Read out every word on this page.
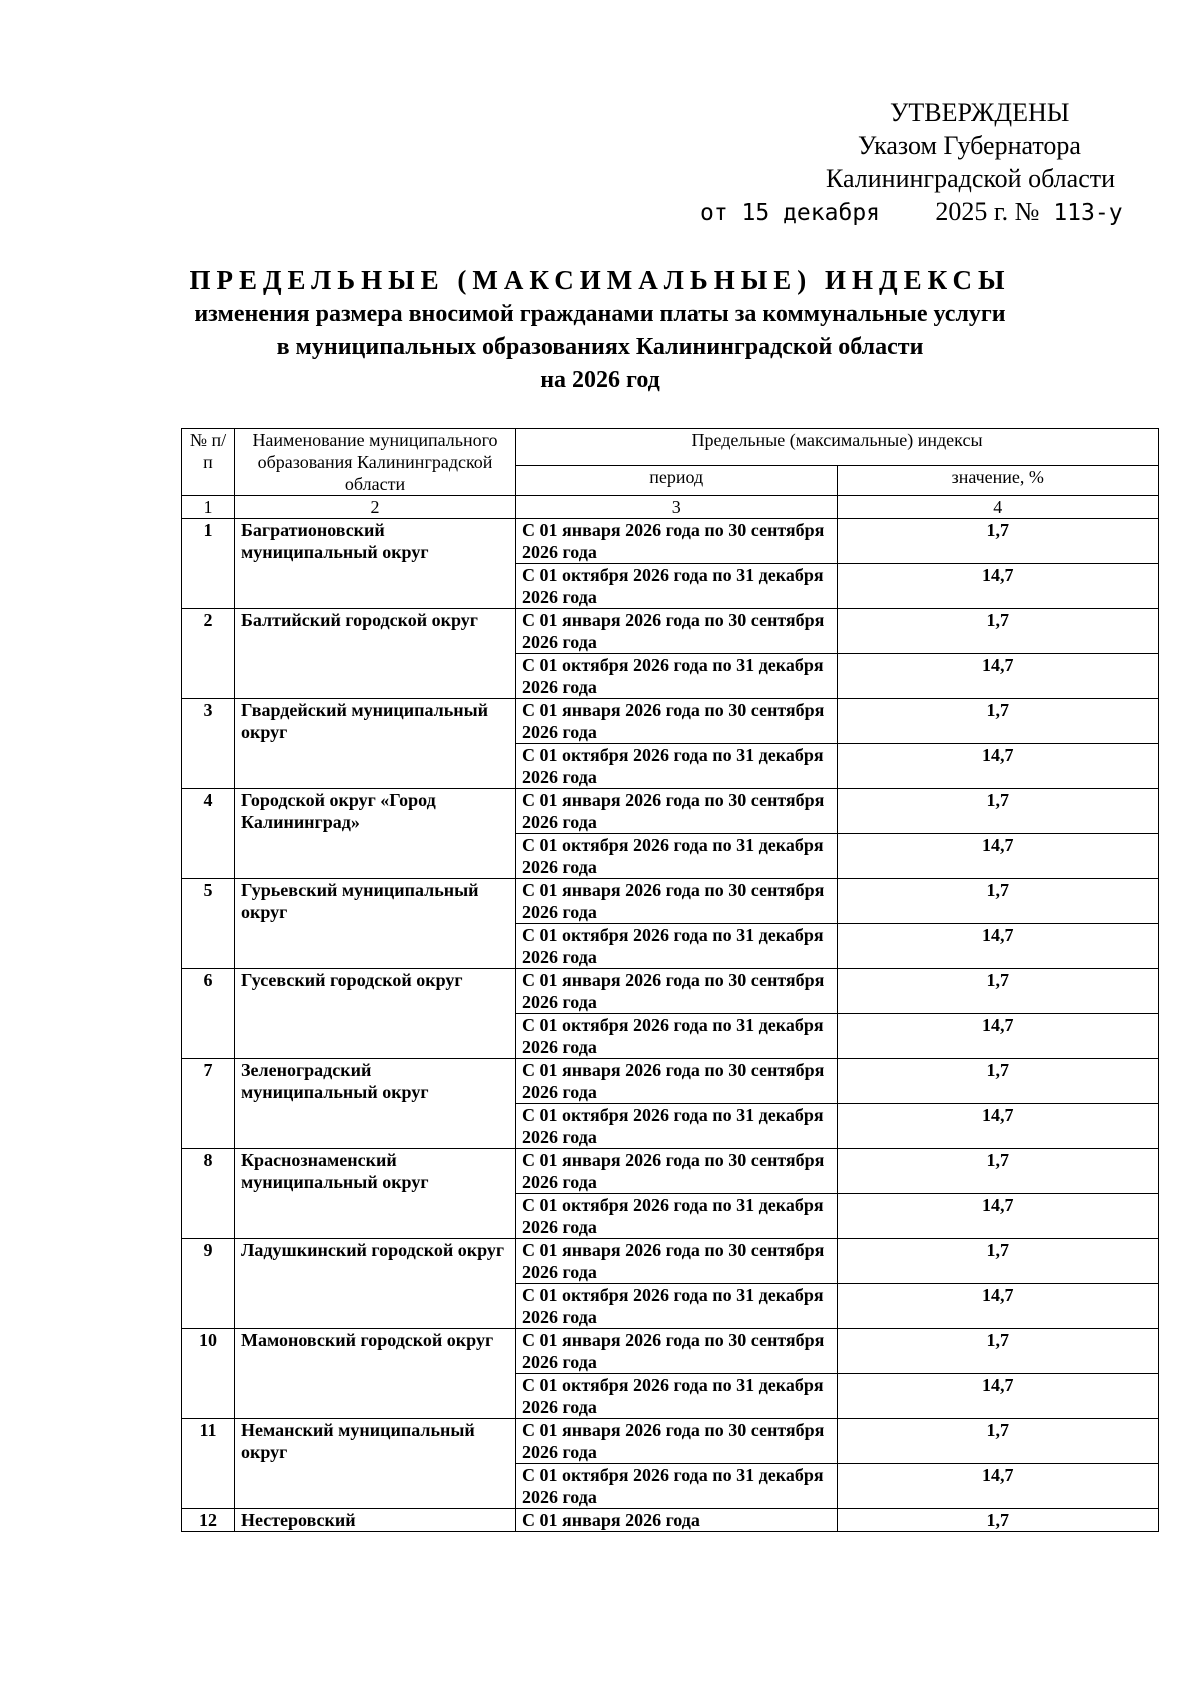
УТВЕРЖДЕНЫ
Указом Губернатора
Калининградской области
от 15 декабря 2025 г. № 113-у
ПРЕДЕЛЬНЫЕ (МАКСИМАЛЬНЫЕ) ИНДЕКСЫ
изменения размера вносимой гражданами платы за коммунальные услуги
в муниципальных образованиях Калининградской области
на 2026 год
№ п/п	Наименование муниципального образования Калининградской области	Предельные (максимальные) индексы	
		период	значение, %
1	2	3	4
1	Багратионовский муниципальный округ	С 01 января 2026 года по 30 сентября 2026 года	1,7
		С 01 октября 2026 года по 31 декабря 2026 года	14,7
2	Балтийский городской округ	С 01 января 2026 года по 30 сентября 2026 года	1,7
		С 01 октября 2026 года по 31 декабря 2026 года	14,7
3	Гвардейский муниципальный округ	С 01 января 2026 года по 30 сентября 2026 года	1,7
		С 01 октября 2026 года по 31 декабря 2026 года	14,7
4	Городской округ «Город Калининград»	С 01 января 2026 года по 30 сентября 2026 года	1,7
		С 01 октября 2026 года по 31 декабря 2026 года	14,7
5	Гурьевский муниципальный округ	С 01 января 2026 года по 30 сентября 2026 года	1,7
		С 01 октября 2026 года по 31 декабря 2026 года	14,7
6	Гусевский городской округ	С 01 января 2026 года по 30 сентября 2026 года	1,7
		С 01 октября 2026 года по 31 декабря 2026 года	14,7
7	Зеленоградский муниципальный округ	С 01 января 2026 года по 30 сентября 2026 года	1,7
		С 01 октября 2026 года по 31 декабря 2026 года	14,7
8	Краснознаменский муниципальный округ	С 01 января 2026 года по 30 сентября 2026 года	1,7
		С 01 октября 2026 года по 31 декабря 2026 года	14,7
9	Ладушкинский городской округ	С 01 января 2026 года по 30 сентября 2026 года	1,7
		С 01 октября 2026 года по 31 декабря 2026 года	14,7
10	Мамоновский городской округ	С 01 января 2026 года по 30 сентября 2026 года	1,7
		С 01 октября 2026 года по 31 декабря 2026 года	14,7
11	Неманский муниципальный округ	С 01 января 2026 года по 30 сентября 2026 года	1,7
		С 01 октября 2026 года по 31 декабря 2026 года	14,7
12	Нестеровский	С 01 января 2026 года	1,7
